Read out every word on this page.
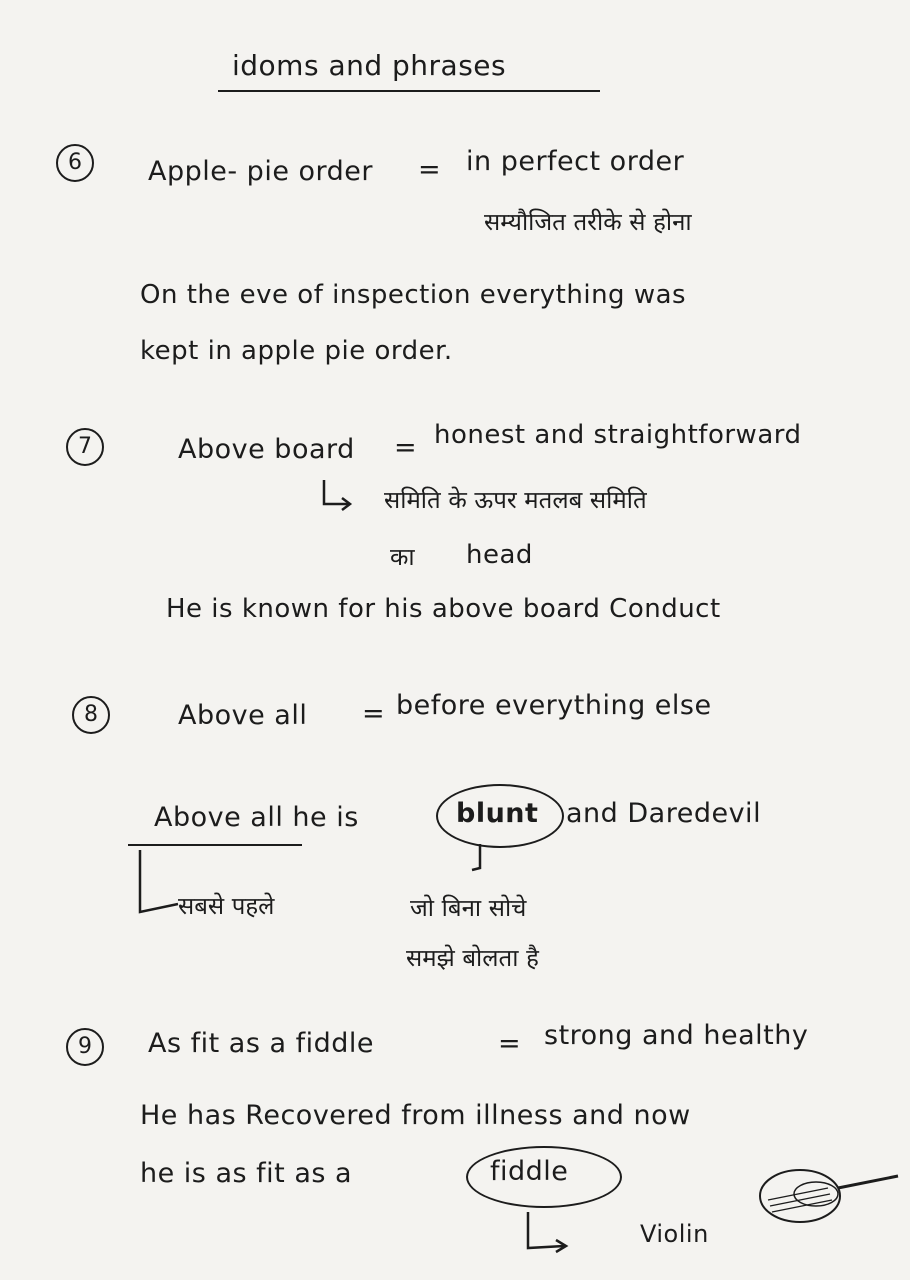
idoms and phrases
6	Apple- pie order = in perfect order
सम्यौजित तरीके से होना
On the eve of inspection everything was
kept in apple pie order.
7	Above board = honest and straightforward
समिति के ऊपर मतलब समिति
का head
He is known for his above board Conduct
8	Above all = before everything else
Above all he is	blunt and Daredevil
सबसे पहले	जो बिना सोचे
समझे बोलता है
9	As fit as a fiddle	= strong and healthy
He has Recovered from illness and now
he is as fit as a	fiddle
Violin
